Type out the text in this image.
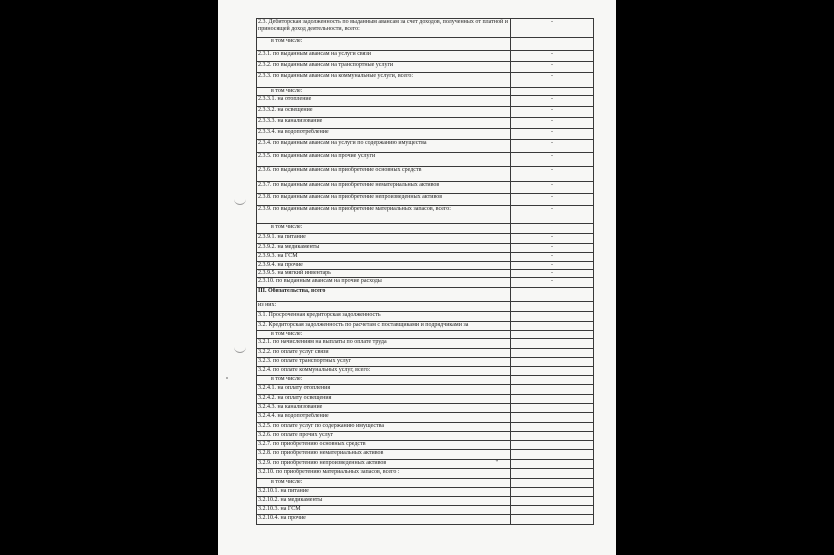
2.3. Дебиторская задолженность по выданным авансам за счет доходов, полученных от платной и приносящей доход деятельности, всего:	-
в том числе:	
2.3.1. по выданным авансам на услуги связи	-
2.3.2. по выданным авансам на транспортные услуги	-
2.3.3. по выданным авансам на коммунальные услуги, всего:	-
в том числе:	
2.3.3.1. на отопление	-
2.3.3.2. на освещение	-
2.3.3.3. на канализование	-
2.3.3.4. на водопотребление	-
2.3.4. по выданным авансам на услуги по содержанию имущества	-
2.3.5. по выданным авансам на прочие услуги	-
2.3.6. по выданным авансам на приобретение основных средств	-
2.3.7. по выданным авансам на приобретение нематериальных активов	-
2.3.8. по выданным авансам на приобретение непроизведенных активов	-
2.3.9. по выданным авансам на приобретение материальных запасов, всего:	-
в том числе:	
2.3.9.1. на питание	-
2.3.9.2. на медикаменты	-
2.3.9.3. на ГСМ	-
2.3.9.4. на прочие	-
2.3.9.5. на мягкий инвентарь	-
2.3.10. по выданным авансам на прочие расходы	-
III. Обязательства, всего	
из них:	
3.1. Просроченная кредиторская задолженность	
3.2. Кредиторская задолженность по расчетам с поставщиками и подрядчиками за	
в том числе:	
3.2.1. по начислениям на выплаты по оплате труда	
3.2.2. по оплате услуг связи	
3.2.3. по оплате транспортных услуг	
3.2.4. по оплате коммунальных услуг, всего:	
в том числе:	
3.2.4.1. на оплату отопления	
3.2.4.2. на оплату освещения	
3.2.4.3. на канализование	
3.2.4.4. на водопотребление	
3.2.5. по оплате услуг по содержанию имущества	
3.2.6. по оплате прочих услуг	
3.2.7. по приобретению основных средств	
3.2.8. по приобретению нематериальных активов	
3.2.9. по приобретению непроизведенных активов "	

3.2.10. по приобретению материальных запасов, всего :	
в том числе:	
3.2.10.1. на питание	
3.2.10.2. на медикаменты	
3.2.10.3. на ГСМ	
3.2.10.4. на прочие	
